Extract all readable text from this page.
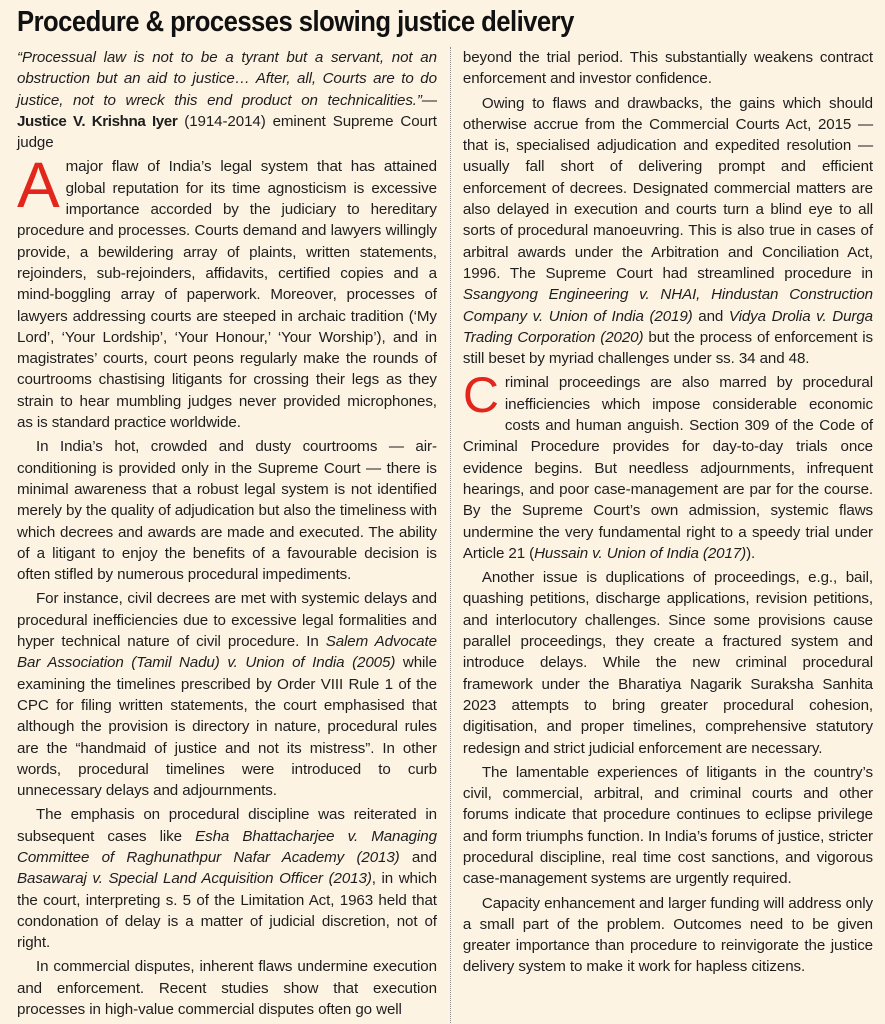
Procedure & processes slowing justice delivery

“Processual law is not to be a tyrant but a servant, not an obstruction but an aid to justice… After, all, Courts are to do justice, not to wreck this end product on technicalities.”—Justice V. Krishna Iyer (1914-2014) eminent Supreme Court judge

A major flaw of India’s legal system that has attained global reputation for its time agnosticism is excessive importance accorded by the judiciary to hereditary procedure and processes. Courts demand and lawyers willingly provide, a bewildering array of plaints, written statements, rejoinders, sub-rejoinders, affidavits, certified copies and a mind-boggling array of paperwork. Moreover, processes of lawyers addressing courts are steeped in archaic tradition (‘My Lord’, ‘Your Lordship’, ‘Your Honour,’ ‘Your Worship’), and in magistrates’ courts, court peons regularly make the rounds of courtrooms chastising litigants for crossing their legs as they strain to hear mumbling judges never provided microphones, as is standard practice worldwide.

In India’s hot, crowded and dusty courtrooms — air-conditioning is provided only in the Supreme Court — there is minimal awareness that a robust legal system is not identified merely by the quality of adjudication but also the timeliness with which decrees and awards are made and executed. The ability of a litigant to enjoy the benefits of a favourable decision is often stifled by numerous procedural impediments.

For instance, civil decrees are met with systemic delays and procedural inefficiencies due to excessive legal formalities and hyper technical nature of civil procedure. In Salem Advocate Bar Association (Tamil Nadu) v. Union of India (2005) while examining the timelines prescribed by Order VIII Rule 1 of the CPC for filing written statements, the court emphasised that although the provision is directory in nature, procedural rules are the “handmaid of justice and not its mistress”. In other words, procedural timelines were introduced to curb unnecessary delays and adjournments.

The emphasis on procedural discipline was reiterated in subsequent cases like Esha Bhattacharjee v. Managing Committee of Raghunathpur Nafar Academy (2013) and Basawaraj v. Special Land Acquisition Officer (2013), in which the court, interpreting s. 5 of the Limitation Act, 1963 held that condonation of delay is a matter of judicial discretion, not of right.

In commercial disputes, inherent flaws undermine execution and enforcement. Recent studies show that execution processes in high-value commercial disputes often go well

beyond the trial period. This substantially weakens contract enforcement and investor confidence.

Owing to flaws and drawbacks, the gains which should otherwise accrue from the Commercial Courts Act, 2015 — that is, specialised adjudication and expedited resolution — usually fall short of delivering prompt and efficient enforcement of decrees. Designated commercial matters are also delayed in execution and courts turn a blind eye to all sorts of procedural manoeuvring. This is also true in cases of arbitral awards under the Arbitration and Conciliation Act, 1996. The Supreme Court had streamlined procedure in Ssangyong Engineering v. NHAI, Hindustan Construction Company v. Union of India (2019) and Vidya Drolia v. Durga Trading Corporation (2020) but the process of enforcement is still beset by myriad challenges under ss. 34 and 48.

Criminal proceedings are also marred by procedural inefficiencies which impose considerable economic costs and human anguish. Section 309 of the Code of Criminal Procedure provides for day-to-day trials once evidence begins. But needless adjournments, infrequent hearings, and poor case-management are par for the course. By the Supreme Court’s own admission, systemic flaws undermine the very fundamental right to a speedy trial under Article 21 (Hussain v. Union of India (2017)).

Another issue is duplications of proceedings, e.g., bail, quashing petitions, discharge applications, revision petitions, and interlocutory challenges. Since some provisions cause parallel proceedings, they create a fractured system and introduce delays. While the new criminal procedural framework under the Bharatiya Nagarik Suraksha Sanhita 2023 attempts to bring greater procedural cohesion, digitisation, and proper timelines, comprehensive statutory redesign and strict judicial enforcement are necessary.

The lamentable experiences of litigants in the country’s civil, commercial, arbitral, and criminal courts and other forums indicate that procedure continues to eclipse privilege and form triumphs function. In India’s forums of justice, stricter procedural discipline, real time cost sanctions, and vigorous case-management systems are urgently required.

Capacity enhancement and larger funding will address only a small part of the problem. Outcomes need to be given greater importance than procedure to reinvigorate the justice delivery system to make it work for hapless citizens.
